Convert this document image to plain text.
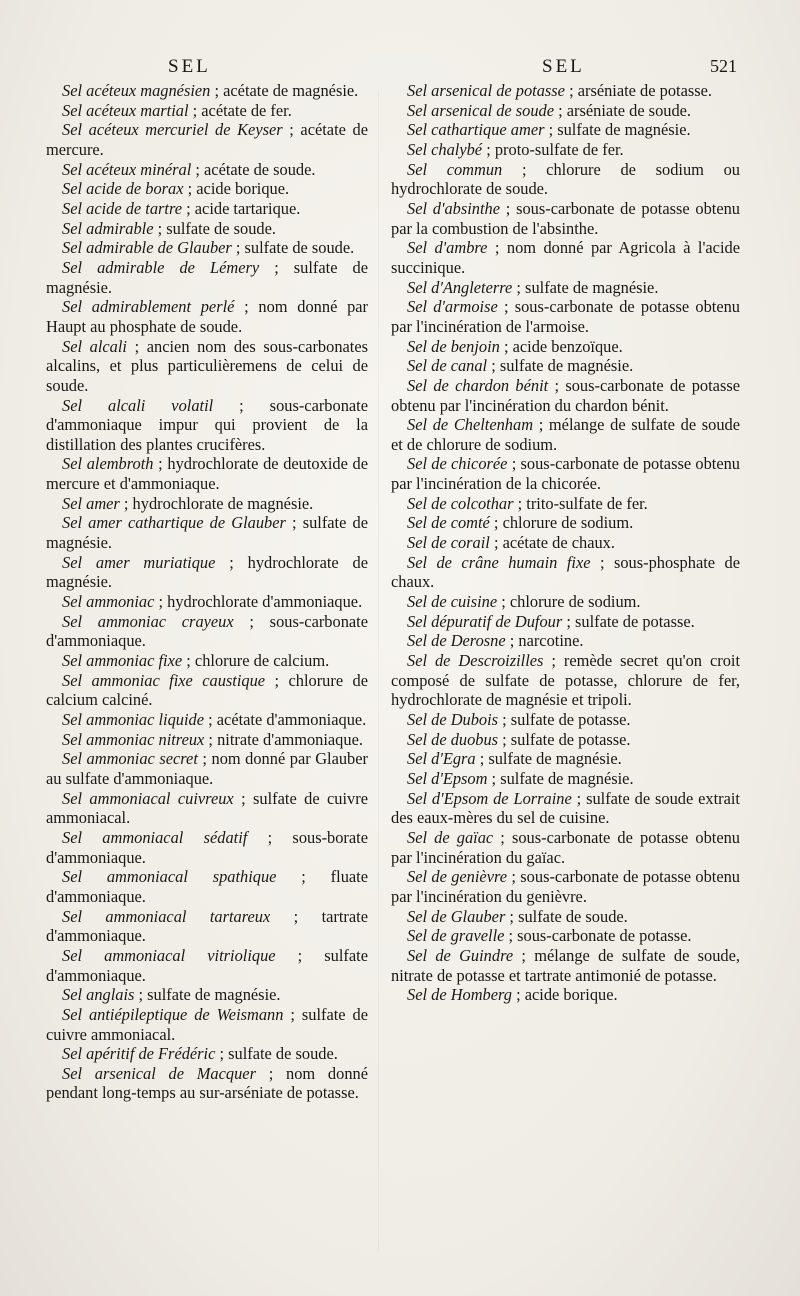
SEL	SEL	521

Sel acéteux magnésien ; acétate de magnésie.

Sel acéteux martial ; acétate de fer.

Sel acéteux mercuriel de Keyser ; acétate de mercure.

Sel acéteux minéral ; acétate de soude.

Sel acide de borax ; acide borique.

Sel acide de tartre ; acide tartarique.

Sel admirable ; sulfate de soude.

Sel admirable de Glauber ; sulfate de soude.

Sel admirable de Lémery ; sulfate de magnésie.

Sel admirablement perlé ; nom donné par Haupt au phosphate de soude.

Sel alcali ; ancien nom des sous-carbonates alcalins, et plus particulièremens de celui de soude.

Sel alcali volatil ; sous-carbonate d'ammoniaque impur qui provient de la distillation des plantes crucifères.

Sel alembroth ; hydrochlorate de deutoxide de mercure et d'ammoniaque.

Sel amer ; hydrochlorate de magnésie.

Sel amer cathartique de Glauber ; sulfate de magnésie.

Sel amer muriatique ; hydrochlorate de magnésie.

Sel ammoniac ; hydrochlorate d'ammoniaque.

Sel ammoniac crayeux ; sous-carbonate d'ammoniaque.

Sel ammoniac fixe ; chlorure de calcium.

Sel ammoniac fixe caustique ; chlorure de calcium calciné.

Sel ammoniac liquide ; acétate d'ammoniaque.

Sel ammoniac nitreux ; nitrate d'ammoniaque.

Sel ammoniac secret ; nom donné par Glauber au sulfate d'ammoniaque.

Sel ammoniacal cuivreux ; sulfate de cuivre ammoniacal.

Sel ammoniacal sédatif ; sous-borate d'ammoniaque.

Sel ammoniacal spathique ; fluate d'ammoniaque.

Sel ammoniacal tartareux ; tartrate d'ammoniaque.

Sel ammoniacal vitriolique ; sulfate d'ammoniaque.

Sel anglais ; sulfate de magnésie.

Sel antiépileptique de Weismann ; sulfate de cuivre ammoniacal.

Sel apéritif de Frédéric ; sulfate de soude.

Sel arsenical de Macquer ; nom donné pendant long-temps au sur-arséniate de potasse.

Sel arsenical de potasse ; arséniate de potasse.

Sel arsenical de soude ; arséniate de soude.

Sel cathartique amer ; sulfate de magnésie.

Sel chalybé ; proto-sulfate de fer.

Sel commun ; chlorure de sodium ou hydrochlorate de soude.

Sel d'absinthe ; sous-carbonate de potasse obtenu par la combustion de l'absinthe.

Sel d'ambre ; nom donné par Agricola à l'acide succinique.

Sel d'Angleterre ; sulfate de magnésie.

Sel d'armoise ; sous-carbonate de potasse obtenu par l'incinération de l'armoise.

Sel de benjoin ; acide benzoïque.

Sel de canal ; sulfate de magnésie.

Sel de chardon bénit ; sous-carbonate de potasse obtenu par l'incinération du chardon bénit.

Sel de Cheltenham ; mélange de sulfate de soude et de chlorure de sodium.

Sel de chicorée ; sous-carbonate de potasse obtenu par l'incinération de la chicorée.

Sel de colcothar ; trito-sulfate de fer.

Sel de comté ; chlorure de sodium.

Sel de corail ; acétate de chaux.

Sel de crâne humain fixe ; sous-phosphate de chaux.

Sel de cuisine ; chlorure de sodium.

Sel dépuratif de Dufour ; sulfate de potasse.

Sel de Derosne ; narcotine.

Sel de Descroizilles ; remède secret qu'on croit composé de sulfate de potasse, chlorure de fer, hydrochlorate de magnésie et tripoli.

Sel de Dubois ; sulfate de potasse.

Sel de duobus ; sulfate de potasse.

Sel d'Egra ; sulfate de magnésie.

Sel d'Epsom ; sulfate de magnésie.

Sel d'Epsom de Lorraine ; sulfate de soude extrait des eaux-mères du sel de cuisine.

Sel de gaïac ; sous-carbonate de potasse obtenu par l'incinération du gaïac.

Sel de genièvre ; sous-carbonate de potasse obtenu par l'incinération du genièvre.

Sel de Glauber ; sulfate de soude.

Sel de gravelle ; sous-carbonate de potasse.

Sel de Guindre ; mélange de sulfate de soude, nitrate de potasse et tartrate antimonié de potasse.

Sel de Homberg ; acide borique.
